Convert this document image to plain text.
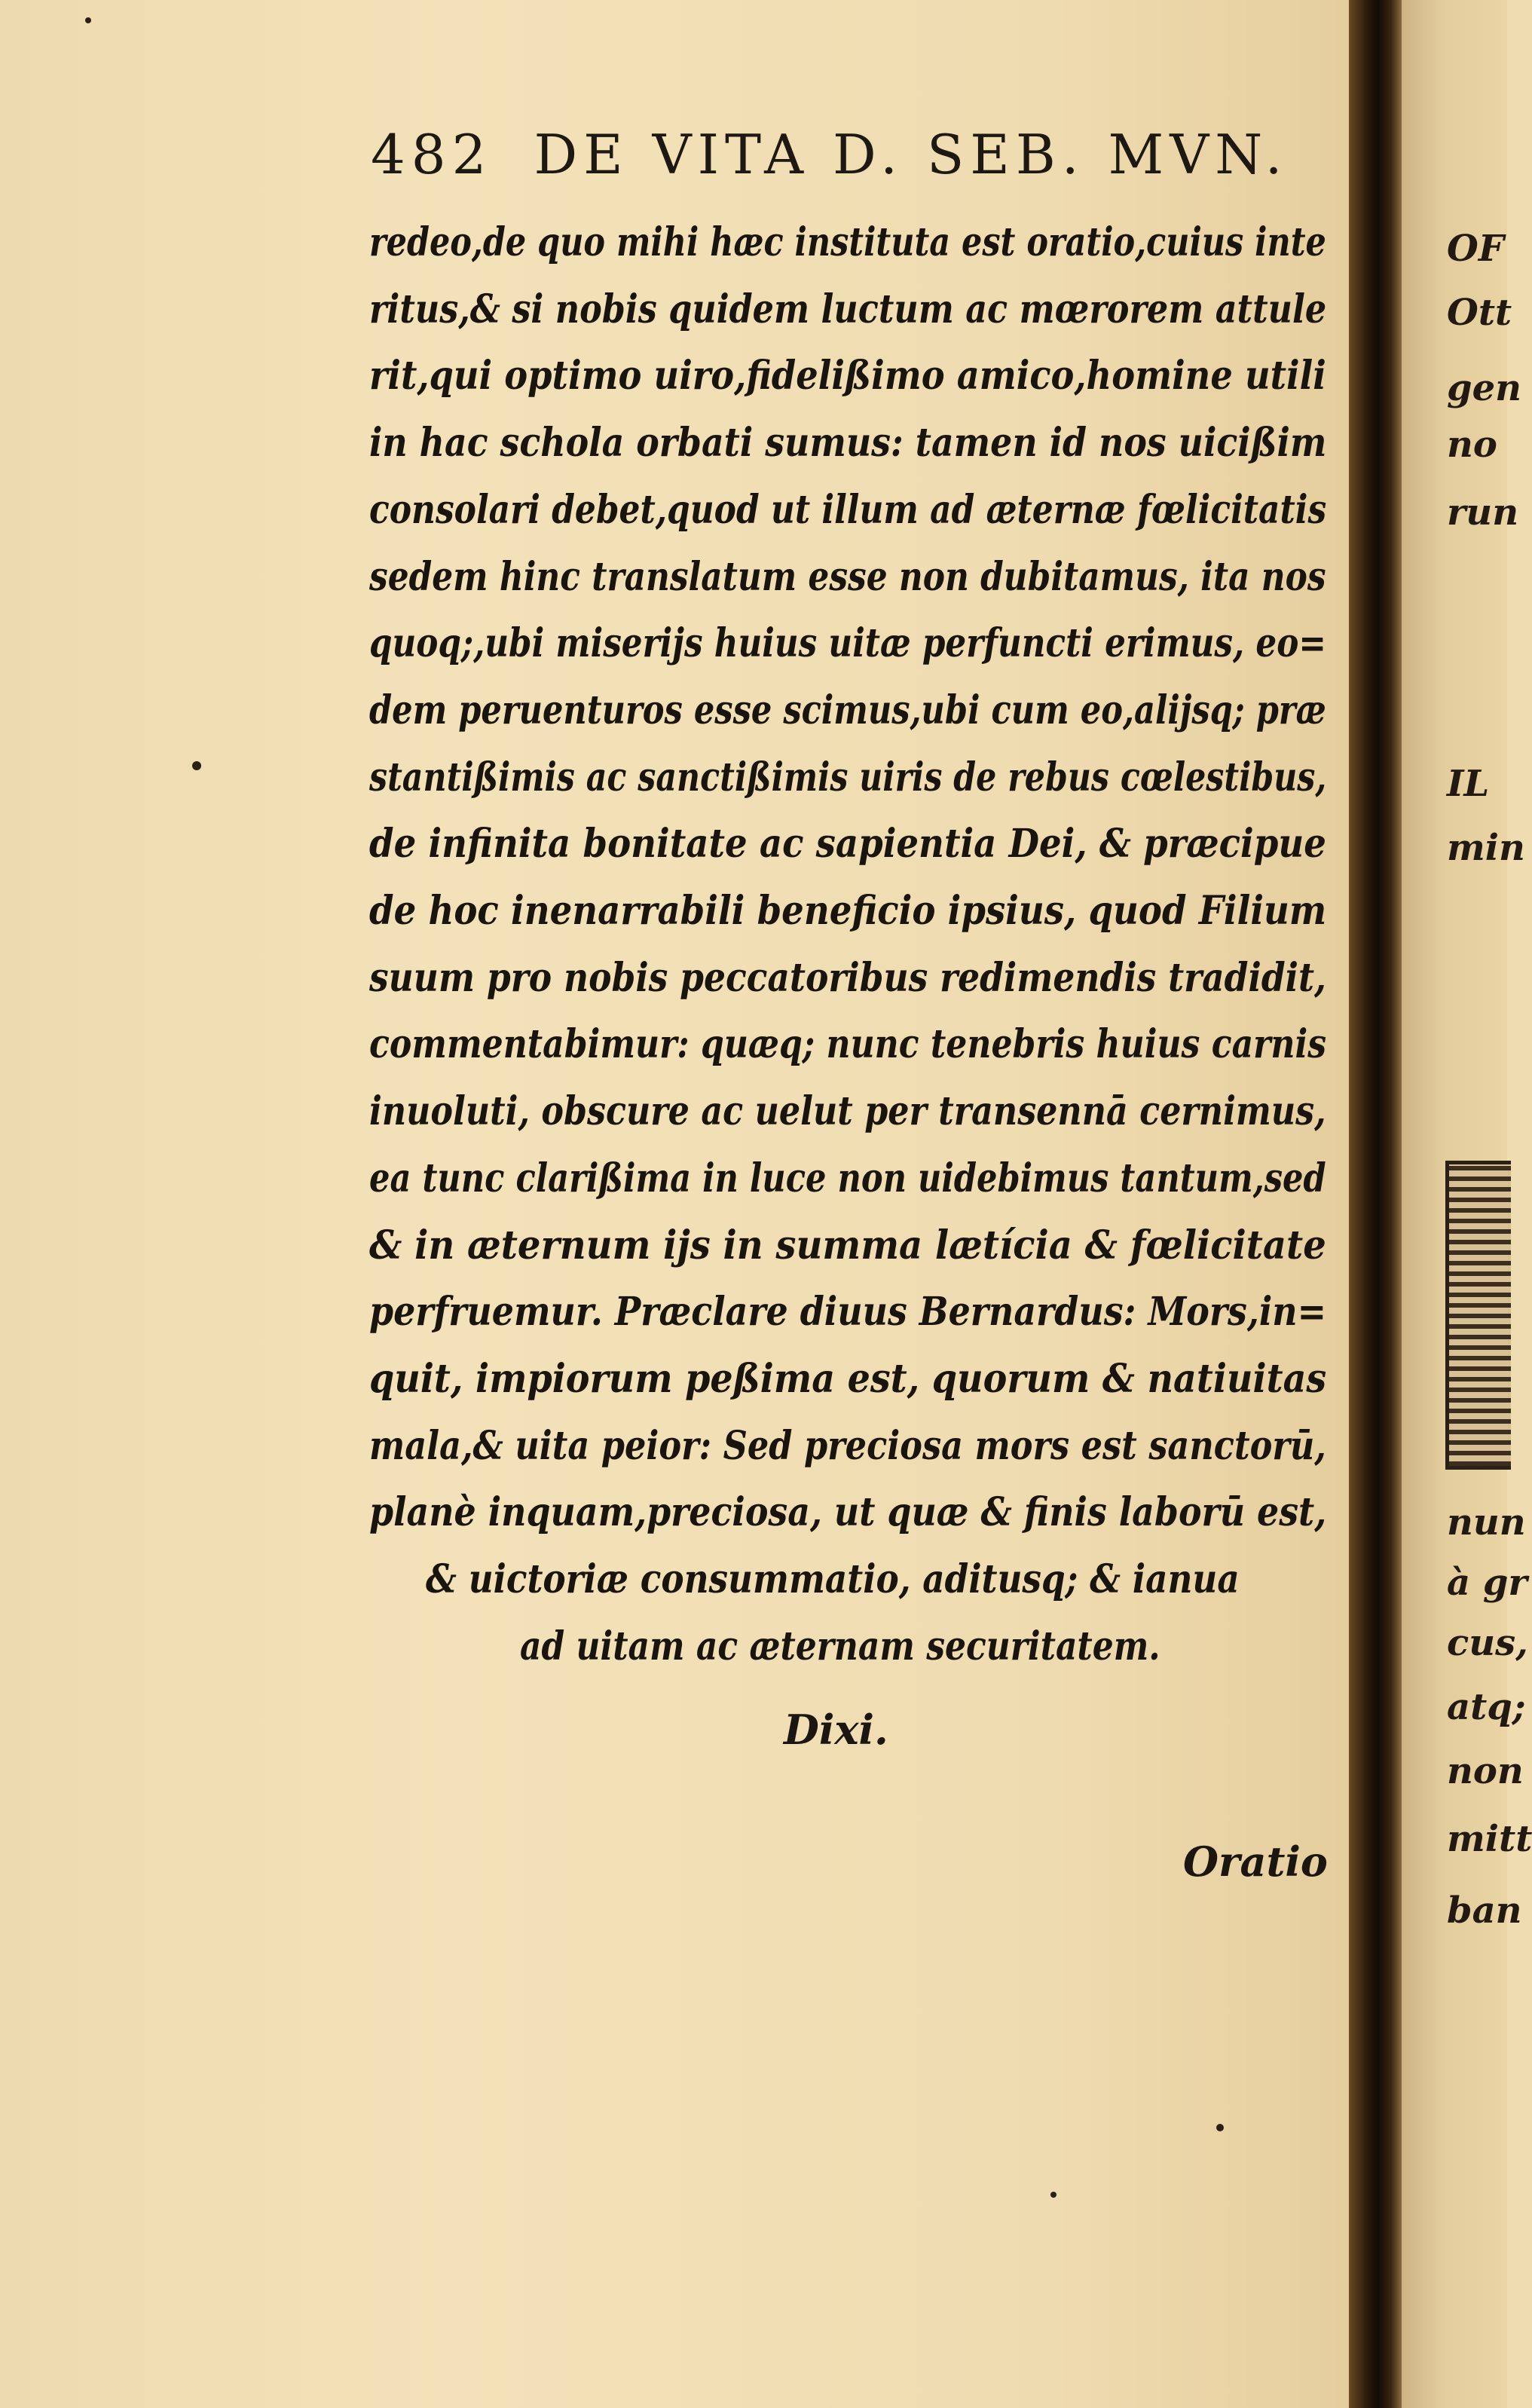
482 DE VITA D. SEB. MVN.
redeo,de quo mihi hæc instituta est oratio,cuius inte
ritus,& si nobis quidem luctum ac mœrorem attule
rit,qui optimo uiro,fidelißimo amico,homine utili
in hac schola orbati sumus: tamen id nos uicißim
consolari debet,quod ut illum ad æternæ fœlicitatis
sedem hinc translatum esse non dubitamus, ita nos
quoq;,ubi miserijs huius uitæ perfuncti erimus, eo=
dem peruenturos esse scimus,ubi cum eo,alijsq; præ
stantißimis ac sanctißimis uiris de rebus cœlestibus,
de infinita bonitate ac sapientia Dei, & præcipue
de hoc inenarrabili beneficio ipsius, quod Filium
suum pro nobis peccatoribus redimendis tradidit,
commentabimur: quæq; nunc tenebris huius carnis
inuoluti, obscure ac uelut per transennā cernimus,
ea tunc clarißima in luce non uidebimus tantum,sed
& in æternum ijs in summa lætícia & fœlicitate
perfruemur. Præclare diuus Bernardus: Mors,in=
quit, impiorum peßima est, quorum & natiuitas
mala,& uita peior: Sed preciosa mors est sanctorū,
planè inquam,preciosa, ut quæ & finis laborū est,
& uictoriæ consummatio, aditusq; & ianua
ad uitam ac æternam securitatem.
Dixi.
Oratio
OF
Ott
gen
no
run
IL
min
nun
à gr
cus,
atq;
non
mitt
ban
